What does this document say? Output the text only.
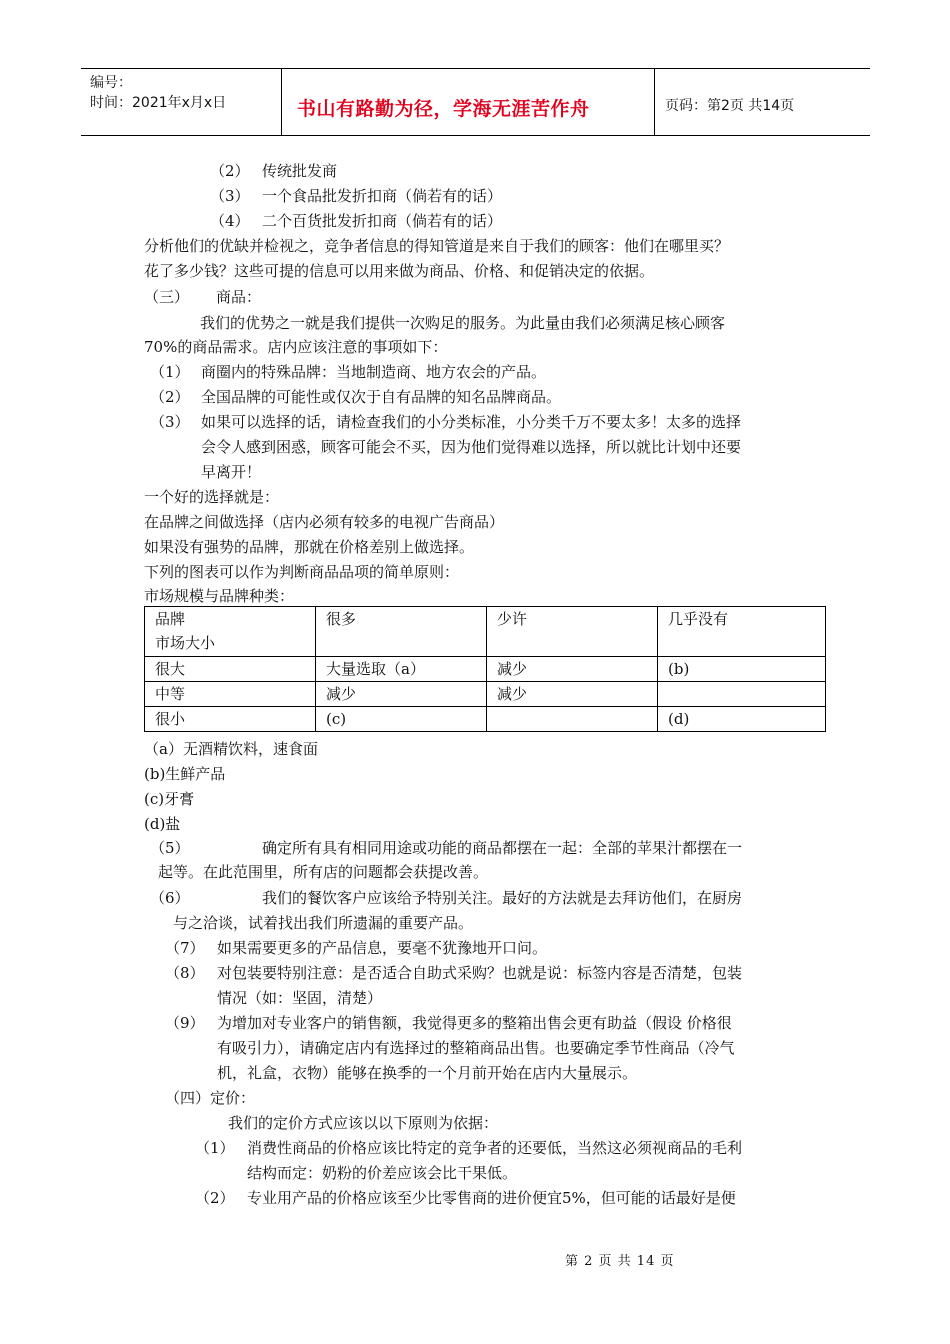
编号：
时间：2021年x月x日	书山有路勤为径，学海无涯苦作舟	页码：第2页 共14页
（2） 传统批发商
（3） 一个食品批发折扣商（倘若有的话）
（4） 二个百货批发折扣商（倘若有的话）
分析他们的优缺并检视之，竞争者信息的得知管道是来自于我们的顾客：他们在哪里买？
花了多少钱？这些可提的信息可以用来做为商品、价格、和促销决定的依据。
（三） 商品：
我们的优势之一就是我们提供一次购足的服务。为此量由我们必须满足核心顾客
70%的商品需求。店内应该注意的事项如下：
（1） 商圈内的特殊品牌：当地制造商、地方农会的产品。
（2） 全国品牌的可能性或仅次于自有品牌的知名品牌商品。
（3） 如果可以选择的话，请检查我们的小分类标准，小分类千万不要太多！太多的选择
会令人感到困惑，顾客可能会不买，因为他们觉得难以选择，所以就比计划中还要
早离开！
一个好的选择就是：
在品牌之间做选择（店内必须有较多的电视广告商品）
如果没有强势的品牌，那就在价格差别上做选择。
下列的图表可以作为判断商品品项的简单原则：
市场规模与品牌种类：
品牌
市场大小	很多	少许	几乎没有
很大	大量选取（a）	减少	(b)
中等	减少	减少	
很小	(c)		(d)
（a）无酒精饮料，速食面
(b)生鲜产品
(c)牙膏
(d)盐
（5）	确定所有具有相同用途或功能的商品都摆在一起：全部的苹果汁都摆在一
起等。在此范围里，所有店的问题都会获提改善。
（6）	我们的餐饮客户应该给予特别关注。最好的方法就是去拜访他们，在厨房
与之洽谈，试着找出我们所遗漏的重要产品。
（7） 如果需要更多的产品信息，要毫不犹豫地开口问。
（8） 对包装要特别注意：是否适合自助式采购？也就是说：标签内容是否清楚，包装
情况（如：坚固，清楚）
（9） 为增加对专业客户的销售额，我觉得更多的整箱出售会更有助益（假设 价格很
有吸引力），请确定店内有选择过的整箱商品出售。也要确定季节性商品（冷气
机，礼盒，衣物）能够在换季的一个月前开始在店内大量展示。
（四）定价：
我们的定价方式应该以以下原则为依据：
（1） 消费性商品的价格应该比特定的竞争者的还要低，当然这必须视商品的毛利
结构而定：奶粉的价差应该会比干果低。
（2） 专业用产品的价格应该至少比零售商的进价便宜5%，但可能的话最好是便
第 2 页 共 14 页
